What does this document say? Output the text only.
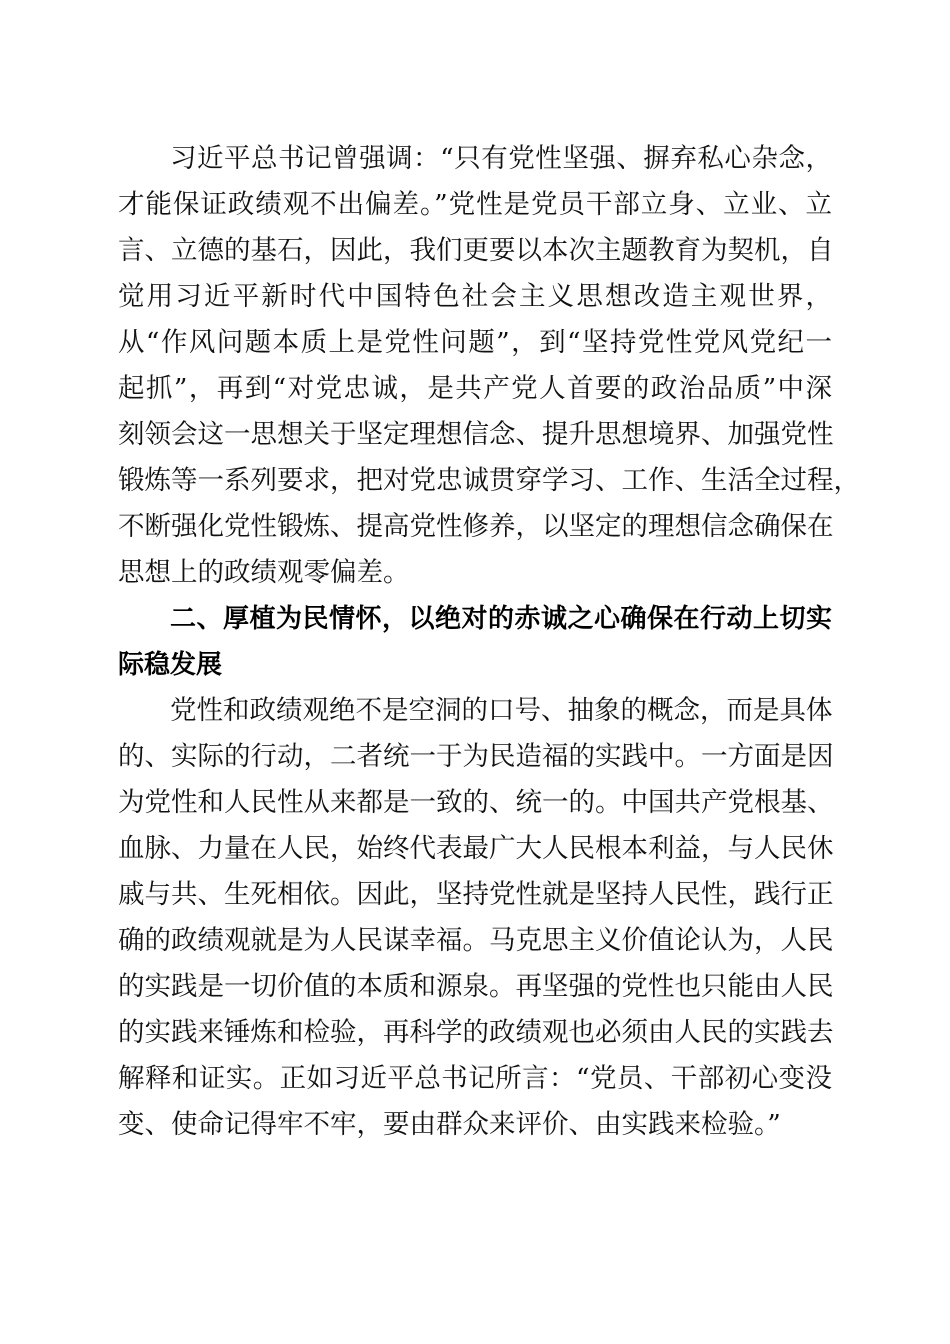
习近平总书记曾强调：“只有党性坚强、摒弃私心杂念，
才能保证政绩观不出偏差。”党性是党员干部立身、立业、立
言、立德的基石，因此，我们更要以本次主题教育为契机，自
觉用习近平新时代中国特色社会主义思想改造主观世界，
从“作风问题本质上是党性问题”，到“坚持党性党风党纪一
起抓”，再到“对党忠诚，是共产党人首要的政治品质”中深
刻领会这一思想关于坚定理想信念、提升思想境界、加强党性
锻炼等一系列要求，把对党忠诚贯穿学习、工作、生活全过程，
不断强化党性锻炼、提高党性修养，以坚定的理想信念确保在
思想上的政绩观零偏差。
二、厚植为民情怀，以绝对的赤诚之心确保在行动上切实
际稳发展
党性和政绩观绝不是空洞的口号、抽象的概念，而是具体
的、实际的行动，二者统一于为民造福的实践中。一方面是因
为党性和人民性从来都是一致的、统一的。中国共产党根基、
血脉、力量在人民，始终代表最广大人民根本利益，与人民休
戚与共、生死相依。因此，坚持党性就是坚持人民性，践行正
确的政绩观就是为人民谋幸福。马克思主义价值论认为，人民
的实践是一切价值的本质和源泉。再坚强的党性也只能由人民
的实践来锤炼和检验，再科学的政绩观也必须由人民的实践去
解释和证实。正如习近平总书记所言：“党员、干部初心变没
变、使命记得牢不牢，要由群众来评价、由实践来检验。”
